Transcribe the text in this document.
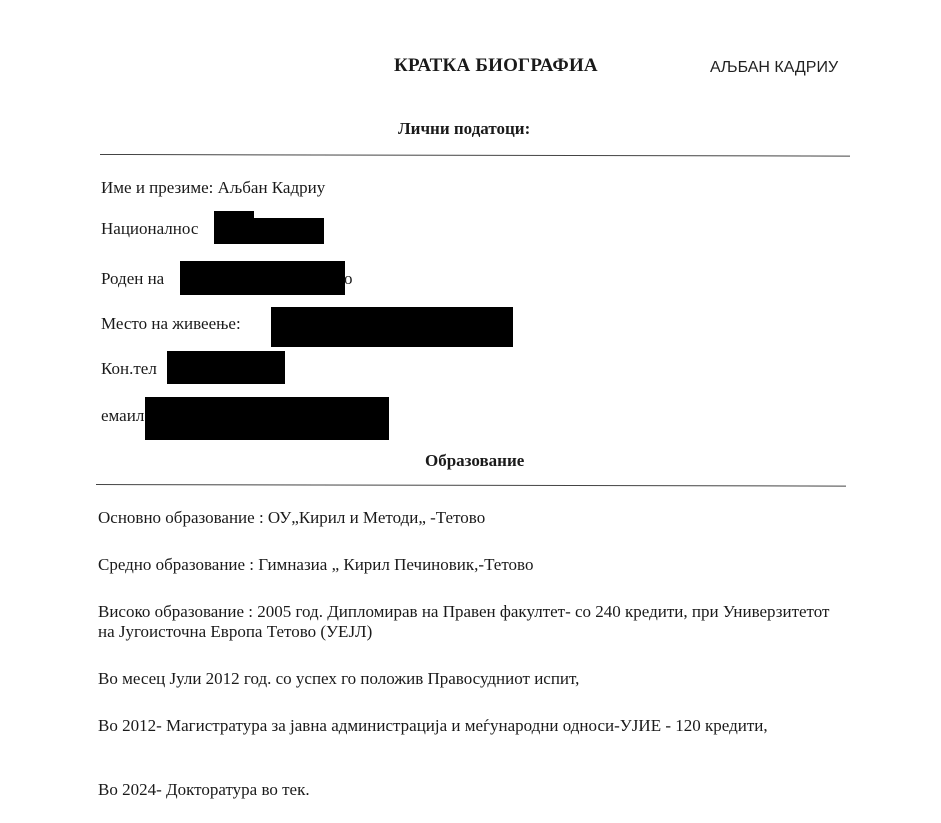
КРАТКА БИОГРАФИА	АЉБАН КАДРИУ
Лични податоци:
Име и презиме: Аљбан Кадриу
Националнос
Роден на	о
Место на живеење:
Кон.тел
емаил
Образование
Основно образование : ОУ„Кирил и Методи„ -Тетово
Средно образование : Гимназиа „ Кирил Печиновик,-Тетово
Високо образование : 2005 год. Дипломирав на Правен факултет- со 240 кредити, при Универзитетот на Југоисточна Европа Тетово (УЕЈЛ)
Во месец Јули 2012 год. со успех го положив Правосудниот испит,
Во 2012- Магистратура за јавна администрација и меѓународни односи-УЈИЕ - 120 кредити,
Во 2024- Докторатура во тек.
